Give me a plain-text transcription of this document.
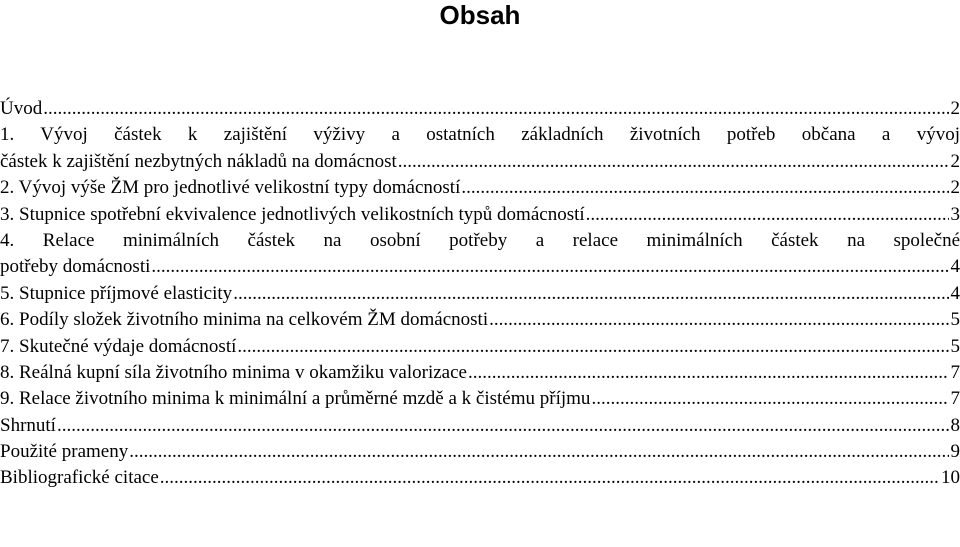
Obsah
Úvod .....	2
1. Vývoj částek k zajištění výživy a ostatních základních životních potřeb občana a vývoj
částek k zajištění nezbytných nákladů na domácnost .....	2
2. Vývoj výše ŽM pro jednotlivé velikostní typy domácností .....	2
3. Stupnice spotřební ekvivalence jednotlivých velikostních typů domácností .....	3
4. Relace minimálních částek na osobní potřeby a relace minimálních částek na společné
potřeby domácnosti .....	4
5. Stupnice příjmové elasticity .....	4
6. Podíly složek životního minima na celkovém ŽM domácnosti .....	5
7. Skutečné výdaje domácností .....	5
8. Reálná kupní síla životního minima v okamžiku valorizace .....	7
9. Relace životního minima k minimální a průměrné mzdě a k čistému příjmu .....	7
Shrnutí .....	8
Použité prameny .....	9
Bibliografické citace .....	10
